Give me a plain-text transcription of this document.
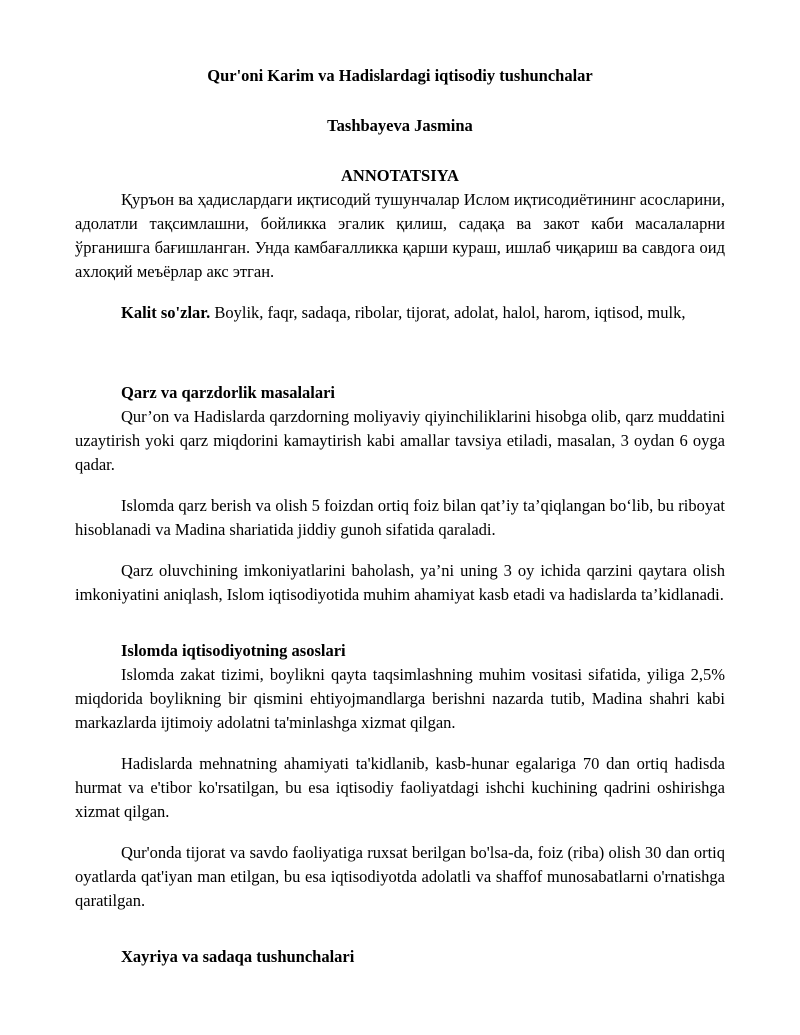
Qur'oni Karim va Hadislardagi iqtisodiy tushunchalar

Tashbayeva Jasmina

ANNOTATSIYA

Қуръон ва ҳадислардаги иқтисодий тушунчалар Ислом иқтисодиётининг асосларини, адолатли тақсимлашни, бойликка эгалик қилиш, садақа ва закот каби масалаларни ўрганишга бағишланган. Унда камбағалликка қарши кураш, ишлаб чиқариш ва савдога оид ахлоқий меъёрлар акс этган.

Kalit so'zlar. Boylik, faqr, sadaqa, ribolar, tijorat, adolat, halol, harom, iqtisod, mulk,

Qarz va qarzdorlik masalalari

Qur’on va Hadislarda qarzdorning moliyaviy qiyinchiliklarini hisobga olib, qarz muddatini uzaytirish yoki qarz miqdorini kamaytirish kabi amallar tavsiya etiladi, masalan, 3 oydan 6 oyga qadar.

Islomda qarz berish va olish 5 foizdan ortiq foiz bilan qat’iy ta’qiqlangan bo‘lib, bu riboyat hisoblanadi va Madina shariatida jiddiy gunoh sifatida qaraladi.

Qarz oluvchining imkoniyatlarini baholash, ya’ni uning 3 oy ichida qarzini qaytara olish imkoniyatini aniqlash, Islom iqtisodiyotida muhim ahamiyat kasb etadi va hadislarda ta’kidlanadi.

Islomda iqtisodiyotning asoslari

Islomda zakat tizimi, boylikni qayta taqsimlashning muhim vositasi sifatida, yiliga 2,5% miqdorida boylikning bir qismini ehtiyojmandlarga berishni nazarda tutib, Madina shahri kabi markazlarda ijtimoiy adolatni ta'minlashga xizmat qilgan.

Hadislarda mehnatning ahamiyati ta'kidlanib, kasb-hunar egalariga 70 dan ortiq hadisda hurmat va e'tibor ko'rsatilgan, bu esa iqtisodiy faoliyatdagi ishchi kuchining qadrini oshirishga xizmat qilgan.

Qur'onda tijorat va savdo faoliyatiga ruxsat berilgan bo'lsa-da, foiz (riba) olish 30 dan ortiq oyatlarda qat'iyan man etilgan, bu esa iqtisodiyotda adolatli va shaffof munosabatlarni o'rnatishga qaratilgan.

Xayriya va sadaqa tushunchalari
